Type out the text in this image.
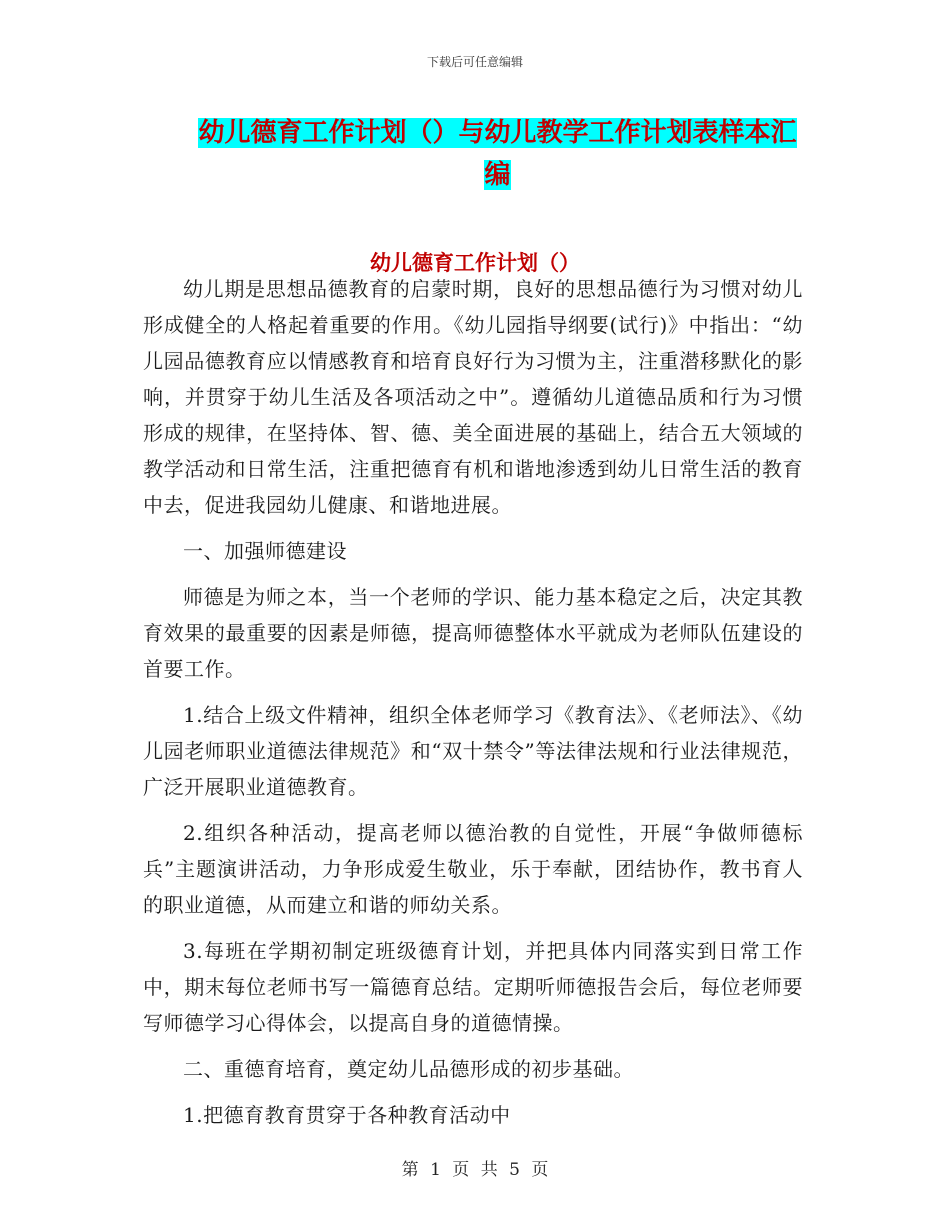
下载后可任意编辑
幼儿德育工作计划（）与幼儿教学工作计划表样本汇编
幼儿德育工作计划（）

幼儿期是思想品德教育的启蒙时期，良好的思想品德行为习惯对幼儿形成健全的人格起着重要的作用。《幼儿园指导纲要(试行)》中指出：“幼儿园品德教育应以情感教育和培育良好行为习惯为主，注重潜移默化的影响，并贯穿于幼儿生活及各项活动之中”。遵循幼儿道德品质和行为习惯形成的规律，在坚持体、智、德、美全面进展的基础上，结合五大领域的教学活动和日常生活，注重把德育有机和谐地渗透到幼儿日常生活的教育中去，促进我园幼儿健康、和谐地进展。

一、加强师德建设

师德是为师之本，当一个老师的学识、能力基本稳定之后，决定其教育效果的最重要的因素是师德，提高师德整体水平就成为老师队伍建设的首要工作。

1.结合上级文件精神，组织全体老师学习《教育法》、《老师法》、《幼儿园老师职业道德法律规范》和“双十禁令”等法律法规和行业法律规范，广泛开展职业道德教育。

2.组织各种活动，提高老师以德治教的自觉性，开展“争做师德标兵”主题演讲活动，力争形成爱生敬业，乐于奉献，团结协作，教书育人的职业道德，从而建立和谐的师幼关系。

3.每班在学期初制定班级德育计划，并把具体内同落实到日常工作中，期末每位老师书写一篇德育总结。定期听师德报告会后，每位老师要写师德学习心得体会，以提高自身的道德情操。

二、重德育培育，奠定幼儿品德形成的初步基础。

1.把德育教育贯穿于各种教育活动中

第 1 页 共 5 页
